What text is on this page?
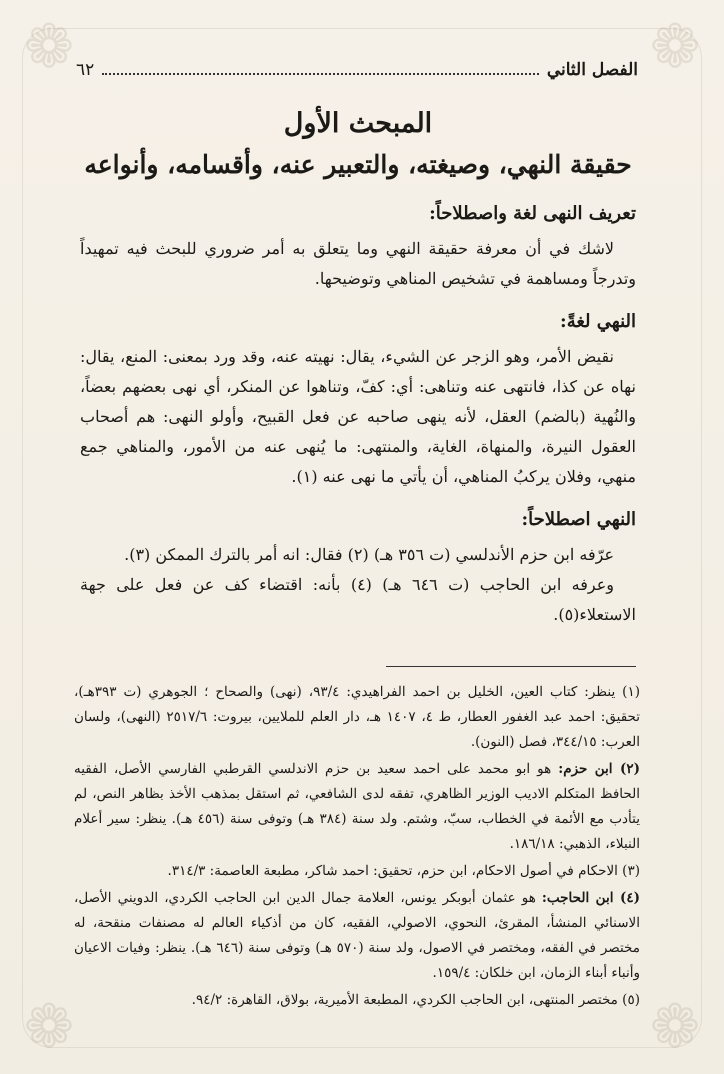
❁	❁
❁	❁
الفصل الثاني
٦٢
المبحث الأول
حقيقة النهي، وصيغته، والتعبير عنه، وأقسامه، وأنواعه
تعريف النهى لغة واصطلاحاً:

لاشك في أن معرفة حقيقة النهي وما يتعلق به أمر ضروري للبحث فيه تمهيداً وتدرجاً ومساهمة في تشخيص المناهي وتوضيحها.

النهي لغةً:

نقيض الأمر، وهو الزجر عن الشيء، يقال: نهيته عنه، وقد ورد بمعنى: المنع، يقال: نهاه عن كذا، فانتهى عنه وتناهى: أي: كفّ، وتناهوا عن المنكر، أي نهى بعضهم بعضاً، والنُهية (بالضم) العقل، لأنه ينهى صاحبه عن فعل القبيح، وأولو النهى: هم أصحاب العقول النيرة، والمنهاة، الغاية، والمنتهى: ما يُنهى عنه من الأمور، والمناهي جمع منهي، وفلان يركبُ المناهي، أن يأتي ما نهى عنه (١).

النهي اصطلاحاً:

عرّفه ابن حزم الأندلسي (ت ٣٥٦ هـ) (٢) فقال: انه أمر بالترك الممكن (٣).

وعرفه ابن الحاجب (ت ٦٤٦ هـ) (٤) بأنه: اقتضاء كف عن فعل على جهة الاستعلاء(٥).

(١) ينظر: كتاب العين، الخليل بن احمد الفراهيدي: ٩٣/٤، (نهى) والصحاح ؛ الجوهري (ت ٣٩٣هـ)، تحقيق: احمد عبد الغفور العطار، ط ٤، ١٤٠٧ هـ، دار العلم للملايين، بيروت: ٢٥١٧/٦ (النهى)، ولسان العرب: ٣٤٤/١٥، فصل (النون).

(٢) ابن حزم: هو ابو محمد على احمد سعيد بن حزم الاندلسي القرطبي الفارسي الأصل، الفقيه الحافظ المتكلم الاديب الوزير الظاهري، تفقه لدى الشافعي، ثم استقل بمذهب الأخذ بظاهر النص، لم يتأدب مع الأئمة في الخطاب، سبّ، وشتم. ولد سنة (٣٨٤ هـ) وتوفى سنة (٤٥٦ هـ). ينظر: سير أعلام النبلاء، الذهبي: ١٨٦/١٨.

(٣) الاحكام في أصول الاحكام، ابن حزم، تحقيق: احمد شاكر، مطبعة العاصمة: ٣١٤/٣.

(٤) ابن الحاجب: هو عثمان أبوبكر يونس، العلامة جمال الدين ابن الحاجب الكردي، الدويني الأصل، الاسنائي المنشأ، المقرئ، النحوي، الاصولي، الفقيه، كان من أذكياء العالم له مصنفات منقحة، له مختصر في الفقه، ومختصر في الاصول، ولد سنة (٥٧٠ هـ) وتوفى سنة (٦٤٦ هـ). ينظر: وفيات الاعيان وأنباء أبناء الزمان، ابن خلكان: ١٥٩/٤.

(٥) مختصر المنتهى، ابن الحاجب الكردي، المطبعة الأميرية، بولاق، القاهرة: ٩٤/٢.
